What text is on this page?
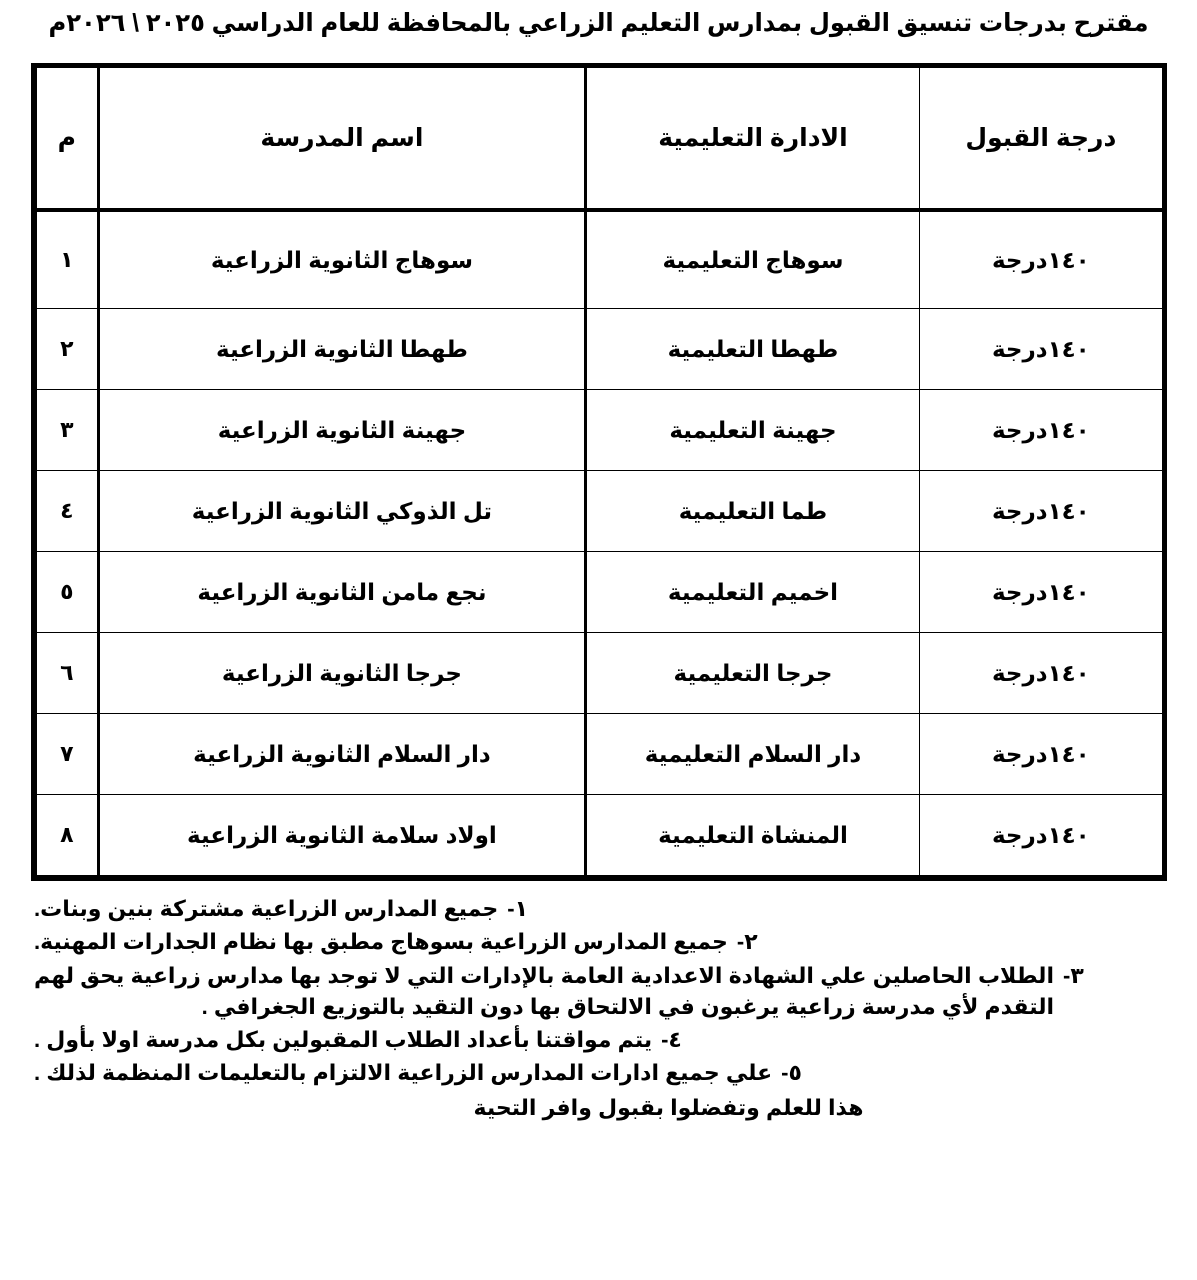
مقترح بدرجات تنسيق القبول بمدارس التعليم الزراعي بالمحافظة للعام الدراسي ٢٠٢٥ \ ٢٠٢٦م
درجة القبول	الادارة التعليمية	اسم المدرسة	م
١٤٠درجة	سوهاج التعليمية	سوهاج الثانوية الزراعية	١
١٤٠درجة	طهطا التعليمية	طهطا الثانوية الزراعية	٢
١٤٠درجة	جهينة التعليمية	جهينة الثانوية الزراعية	٣
١٤٠درجة	طما التعليمية	تل الذوكي الثانوية الزراعية	٤
١٤٠درجة	اخميم التعليمية	نجع مامن الثانوية الزراعية	٥
١٤٠درجة	جرجا التعليمية	جرجا الثانوية الزراعية	٦
١٤٠درجة	دار السلام التعليمية	دار السلام الثانوية الزراعية	٧
١٤٠درجة	المنشاة التعليمية	اولاد سلامة الثانوية الزراعية	٨
١-
جميع المدارس الزراعية مشتركة بنين وبنات.
٢-
جميع المدارس الزراعية بسوهاج مطبق بها نظام الجدارات المهنية.
٣-
الطلاب الحاصلين علي الشهادة الاعدادية العامة بالإدارات التي لا توجد بها مدارس زراعية يحق لهم التقدم لأي مدرسة زراعية يرغبون في الالتحاق بها دون التقيد بالتوزيع الجغرافي .
٤-
يتم مواقتنا بأعداد الطلاب المقبولين بكل مدرسة اولا بأول .
٥-
علي جميع ادارات المدارس الزراعية الالتزام بالتعليمات المنظمة لذلك .
هذا للعلم وتفضلوا بقبول وافر التحية
